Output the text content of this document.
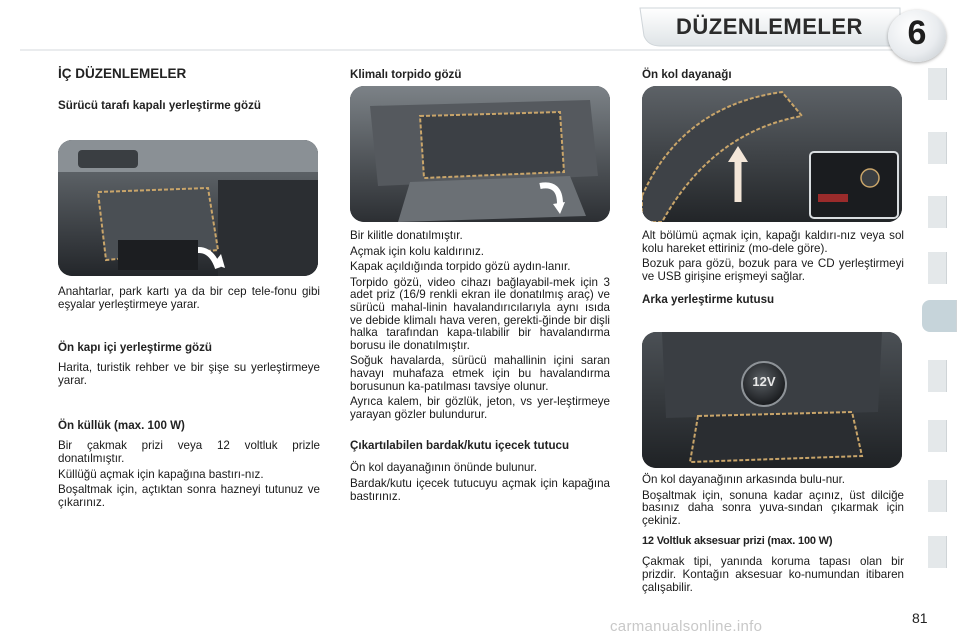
DÜZENLEMELER	6
İÇ DÜZENLEMELER
Sürücü tarafı kapalı yerleştirme gözü

Anahtarlar, park kartı ya da bir cep tele-fonu gibi eşyalar yerleştirmeye yarar.

Ön kapı içi yerleştirme gözü

Harita, turistik rehber ve bir şişe su yerleştirmeye yarar.

Ön küllük (max. 100 W)

Bir çakmak prizi veya 12 voltluk prizle donatılmıştır.

Küllüğü açmak için kapağına bastırı-nız.

Boşaltmak için, açtıktan sonra hazneyi tutunuz ve çıkarınız.

Klimalı torpido gözü

Bir kilitle donatılmıştır.

Açmak için kolu kaldırınız.

Kapak açıldığında torpido gözü aydın-lanır.

Torpido gözü, video cihazı bağlayabil-mek için 3 adet priz (16/9 renkli ekran ile donatılmış araç) ve sürücü mahal-linin havalandırıcılarıyla aynı ısıda ve debide klimalı hava veren, gerekti-ğinde bir dişli halka tarafından kapa-tılabilir bir havalandırma borusu ile donatılmıştır.

Soğuk havalarda, sürücü mahallinin içini saran havayı muhafaza etmek için bu havalandırma borusunun ka-patılması tavsiye olunur.

Ayrıca kalem, bir gözlük, jeton, vs yer-leştirmeye yarayan gözler bulundurur.

Çıkartılabilen bardak/kutu içecek tutucu

Ön kol dayanağının önünde bulunur.

Bardak/kutu içecek tutucuyu açmak için kapağına bastırınız.

Ön kol dayanağı

Alt bölümü açmak için, kapağı kaldırı-nız veya sol kolu hareket ettiriniz (mo-dele göre).

Bozuk para gözü, bozuk para ve CD yerleştirmeyi ve USB girişine erişmeyi sağlar.

Arka yerleştirme kutusu
12V

Ön kol dayanağının arkasında bulu-nur.

Boşaltmak için, sonuna kadar açınız, üst dilciğe basınız daha sonra yuva-sından çıkarmak için çekiniz.

12 Voltluk aksesuar prizi (max. 100 W)

Çakmak tipi, yanında koruma tapası olan bir prizdir. Kontağın aksesuar ko-numundan itibaren çalışabilir.

carmanualsonline.info	81
